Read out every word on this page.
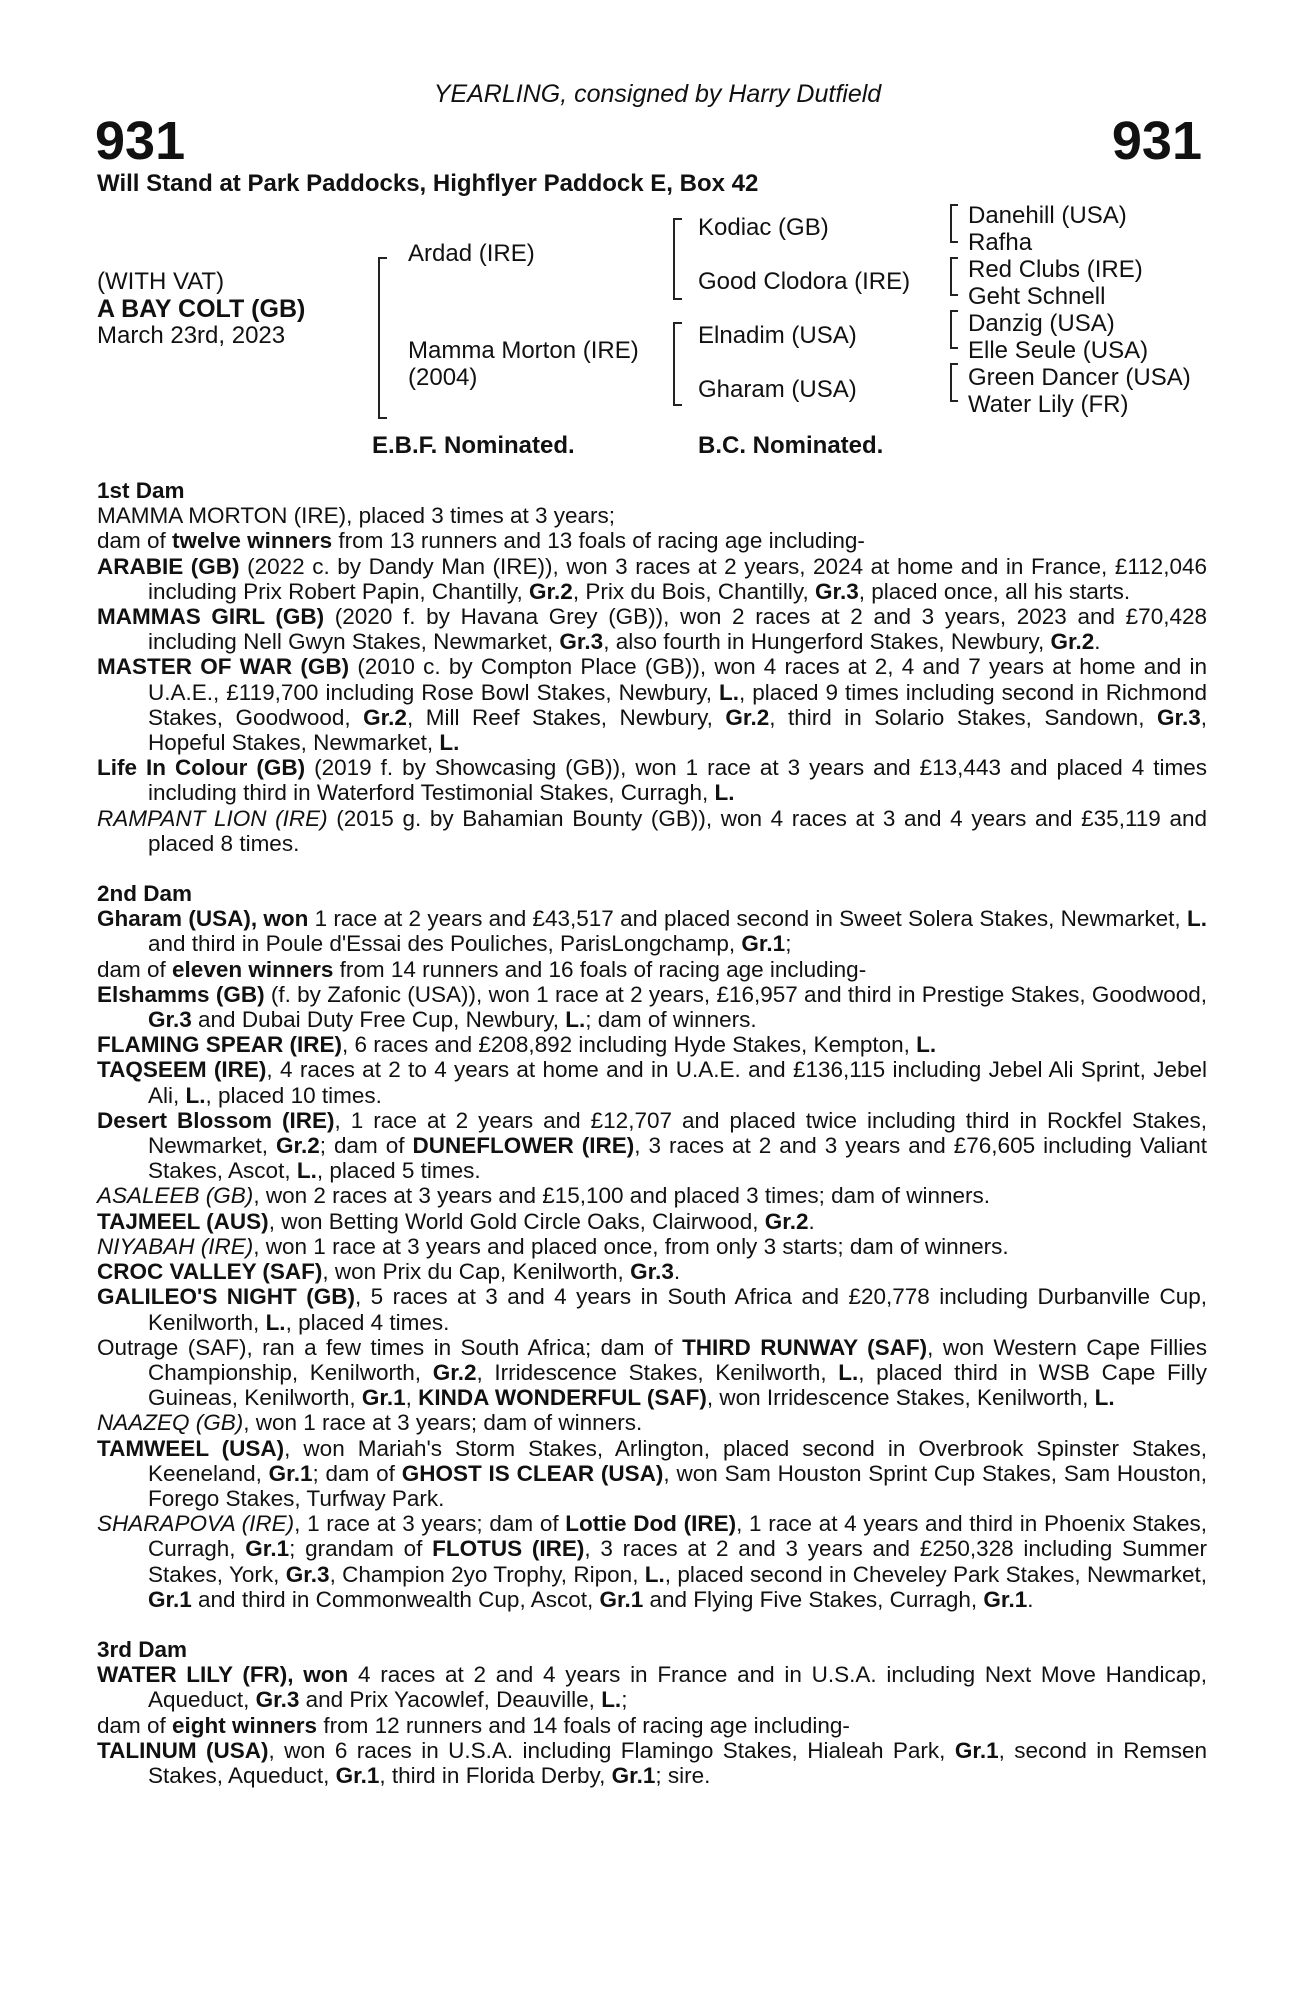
YEARLING, consigned by Harry Dutfield
931	931
Will Stand at Park Paddocks, Highflyer Paddock E, Box 42
(WITH VAT)
A BAY COLT (GB)
March 23rd, 2023
Ardad (IRE)
Mamma Morton (IRE)
(2004)
Kodiac (GB)
Good Clodora (IRE)
Elnadim (USA)
Gharam (USA)
Danehill (USA)
Rafha
Red Clubs (IRE)
Geht Schnell
Danzig (USA)
Elle Seule (USA)
Green Dancer (USA)
Water Lily (FR)
E.B.F. Nominated.	B.C. Nominated.

1st Dam

MAMMA MORTON (IRE), placed 3 times at 3 years;

dam of twelve winners from 13 runners and 13 foals of racing age including-

ARABIE (GB) (2022 c. by Dandy Man (IRE)), won 3 races at 2 years, 2024 at home and in France, £112,046 including Prix Robert Papin, Chantilly, Gr.2, Prix du Bois, Chantilly, Gr.3, placed once, all his starts.

MAMMAS GIRL (GB) (2020 f. by Havana Grey (GB)), won 2 races at 2 and 3 years, 2023 and £70,428 including Nell Gwyn Stakes, Newmarket, Gr.3, also fourth in Hungerford Stakes, Newbury, Gr.2.

MASTER OF WAR (GB) (2010 c. by Compton Place (GB)), won 4 races at 2, 4 and 7 years at home and in U.A.E., £119,700 including Rose Bowl Stakes, Newbury, L., placed 9 times including second in Richmond Stakes, Goodwood, Gr.2, Mill Reef Stakes, Newbury, Gr.2, third in Solario Stakes, Sandown, Gr.3, Hopeful Stakes, Newmarket, L.

Life In Colour (GB) (2019 f. by Showcasing (GB)), won 1 race at 3 years and £13,443 and placed 4 times including third in Waterford Testimonial Stakes, Curragh, L.

RAMPANT LION (IRE) (2015 g. by Bahamian Bounty (GB)), won 4 races at 3 and 4 years and £35,119 and placed 8 times.

2nd Dam

Gharam (USA), won 1 race at 2 years and £43,517 and placed second in Sweet Solera Stakes, Newmarket, L. and third in Poule d'Essai des Pouliches, ParisLongchamp, Gr.1;

dam of eleven winners from 14 runners and 16 foals of racing age including-

Elshamms (GB) (f. by Zafonic (USA)), won 1 race at 2 years, £16,957 and third in Prestige Stakes, Goodwood, Gr.3 and Dubai Duty Free Cup, Newbury, L.; dam of winners.

FLAMING SPEAR (IRE), 6 races and £208,892 including Hyde Stakes, Kempton, L.

TAQSEEM (IRE), 4 races at 2 to 4 years at home and in U.A.E. and £136,115 including Jebel Ali Sprint, Jebel Ali, L., placed 10 times.

Desert Blossom (IRE), 1 race at 2 years and £12,707 and placed twice including third in Rockfel Stakes, Newmarket, Gr.2; dam of DUNEFLOWER (IRE), 3 races at 2 and 3 years and £76,605 including Valiant Stakes, Ascot, L., placed 5 times.

ASALEEB (GB), won 2 races at 3 years and £15,100 and placed 3 times; dam of winners.

TAJMEEL (AUS), won Betting World Gold Circle Oaks, Clairwood, Gr.2.

NIYABAH (IRE), won 1 race at 3 years and placed once, from only 3 starts; dam of winners.

CROC VALLEY (SAF), won Prix du Cap, Kenilworth, Gr.3.

GALILEO'S NIGHT (GB), 5 races at 3 and 4 years in South Africa and £20,778 including Durbanville Cup, Kenilworth, L., placed 4 times.

Outrage (SAF), ran a few times in South Africa; dam of THIRD RUNWAY (SAF), won Western Cape Fillies Championship, Kenilworth, Gr.2, Irridescence Stakes, Kenilworth, L., placed third in WSB Cape Filly Guineas, Kenilworth, Gr.1, KINDA WONDERFUL (SAF), won Irridescence Stakes, Kenilworth, L.

NAAZEQ (GB), won 1 race at 3 years; dam of winners.

TAMWEEL (USA), won Mariah's Storm Stakes, Arlington, placed second in Overbrook Spinster Stakes, Keeneland, Gr.1; dam of GHOST IS CLEAR (USA), won Sam Houston Sprint Cup Stakes, Sam Houston, Forego Stakes, Turfway Park.

SHARAPOVA (IRE), 1 race at 3 years; dam of Lottie Dod (IRE), 1 race at 4 years and third in Phoenix Stakes, Curragh, Gr.1; grandam of FLOTUS (IRE), 3 races at 2 and 3 years and £250,328 including Summer Stakes, York, Gr.3, Champion 2yo Trophy, Ripon, L., placed second in Cheveley Park Stakes, Newmarket, Gr.1 and third in Commonwealth Cup, Ascot, Gr.1 and Flying Five Stakes, Curragh, Gr.1.

3rd Dam

WATER LILY (FR), won 4 races at 2 and 4 years in France and in U.S.A. including Next Move Handicap, Aqueduct, Gr.3 and Prix Yacowlef, Deauville, L.;

dam of eight winners from 12 runners and 14 foals of racing age including-

TALINUM (USA), won 6 races in U.S.A. including Flamingo Stakes, Hialeah Park, Gr.1, second in Remsen Stakes, Aqueduct, Gr.1, third in Florida Derby, Gr.1; sire.
